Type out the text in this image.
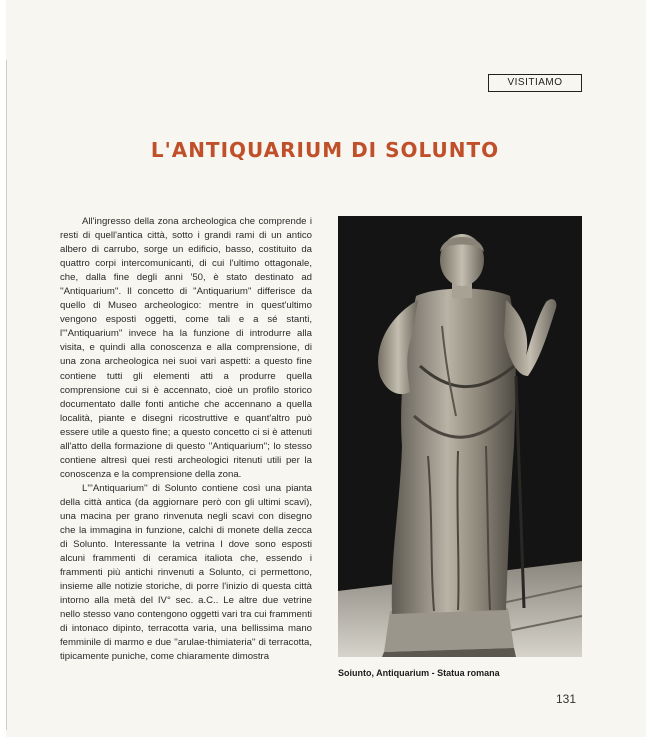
VISITIAMO
L'ANTIQUARIUM DI SOLUNTO

All'ingresso della zona archeologica che comprende i resti di quell'antica città, sotto i grandi rami di un antico albero di carrubo, sorge un edificio, basso, costituito da quattro corpi intercomunicanti, di cui l'ultimo ottagonale, che, dalla fine degli anni '50, è stato destinato ad ''Antiquarium''. Il concetto di ''Antiquarium'' differisce da quello di Museo archeologico: mentre in quest'ultimo vengono esposti oggetti, come tali e a sé stanti, l'''Antiquarium'' invece ha la funzione di introdurre alla visita, e quindi alla conoscenza e alla comprensione, di una zona archeologica nei suoi vari aspetti: a questo fine contiene tutti gli elementi atti a produrre quella comprensione cui si è accennato, cioè un profilo storico documentato dalle fonti antiche che accennano a quella località, piante e disegni ricostruttive e quant'altro può essere utile a questo fine; a questo concetto ci si è attenuti all'atto della formazione di questo ''Antiquarium''; lo stesso contiene altresì quei resti archeologici ritenuti utili per la conoscenza e la comprensione della zona.

L'''Antiquarium'' di Solunto contiene così una pianta della città antica (da aggiornare però con gli ultimi scavi), una macina per grano rinvenuta negli scavi con disegno che la immagina in funzione, calchi di monete della zecca di Solunto. Interessante la vetrina I dove sono esposti alcuni frammenti di ceramica italiota che, essendo i frammenti più antichi rinvenuti a Solunto, ci permettono, insieme alle notizie storiche, di porre l'inizio di questa città intorno alla metà del IV° sec. a.C.. Le altre due vetrine nello stesso vano contengono oggetti vari tra cui frammenti di intonaco dipinto, terracotta varia, una bellissima mano femminile di marmo e due ''arulae-thimiateria'' di terracotta, tipicamente puniche, come chiaramente dimostra

Soiunto, Antiquarium - Statua romana
131
